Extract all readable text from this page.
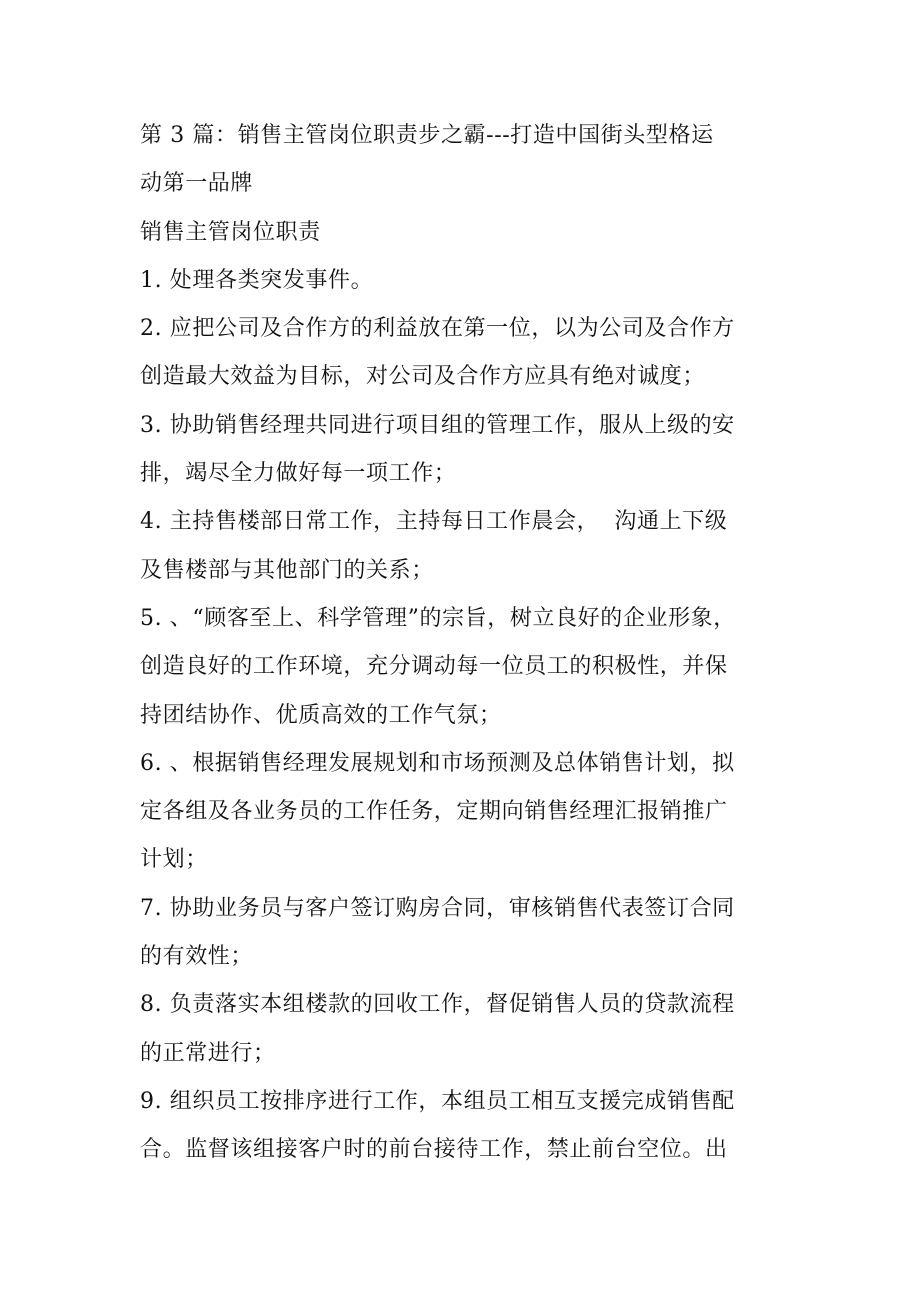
第 3 篇：销售主管岗位职责步之霸---打造中国街头型格运
动第一品牌
销售主管岗位职责
1. 处理各类突发事件。
2. 应把公司及合作方的利益放在第一位，以为公司及合作方
创造最大效益为目标，对公司及合作方应具有绝对诚度；
3. 协助销售经理共同进行项目组的管理工作，服从上级的安
排，竭尽全力做好每一项工作；
4. 主持售楼部日常工作，主持每日工作晨会，  沟通上下级
及售楼部与其他部门的关系；
5. 、“顾客至上、科学管理”的宗旨，树立良好的企业形象，
创造良好的工作环境，充分调动每一位员工的积极性，并保
持团结协作、优质高效的工作气氛；
6. 、根据销售经理发展规划和市场预测及总体销售计划，拟
定各组及各业务员的工作任务，定期向销售经理汇报销推广
计划；
7. 协助业务员与客户签订购房合同，审核销售代表签订合同
的有效性；
8. 负责落实本组楼款的回收工作，督促销售人员的贷款流程
的正常进行；
9. 组织员工按排序进行工作，本组员工相互支援完成销售配
合。监督该组接客户时的前台接待工作，禁止前台空位。出
